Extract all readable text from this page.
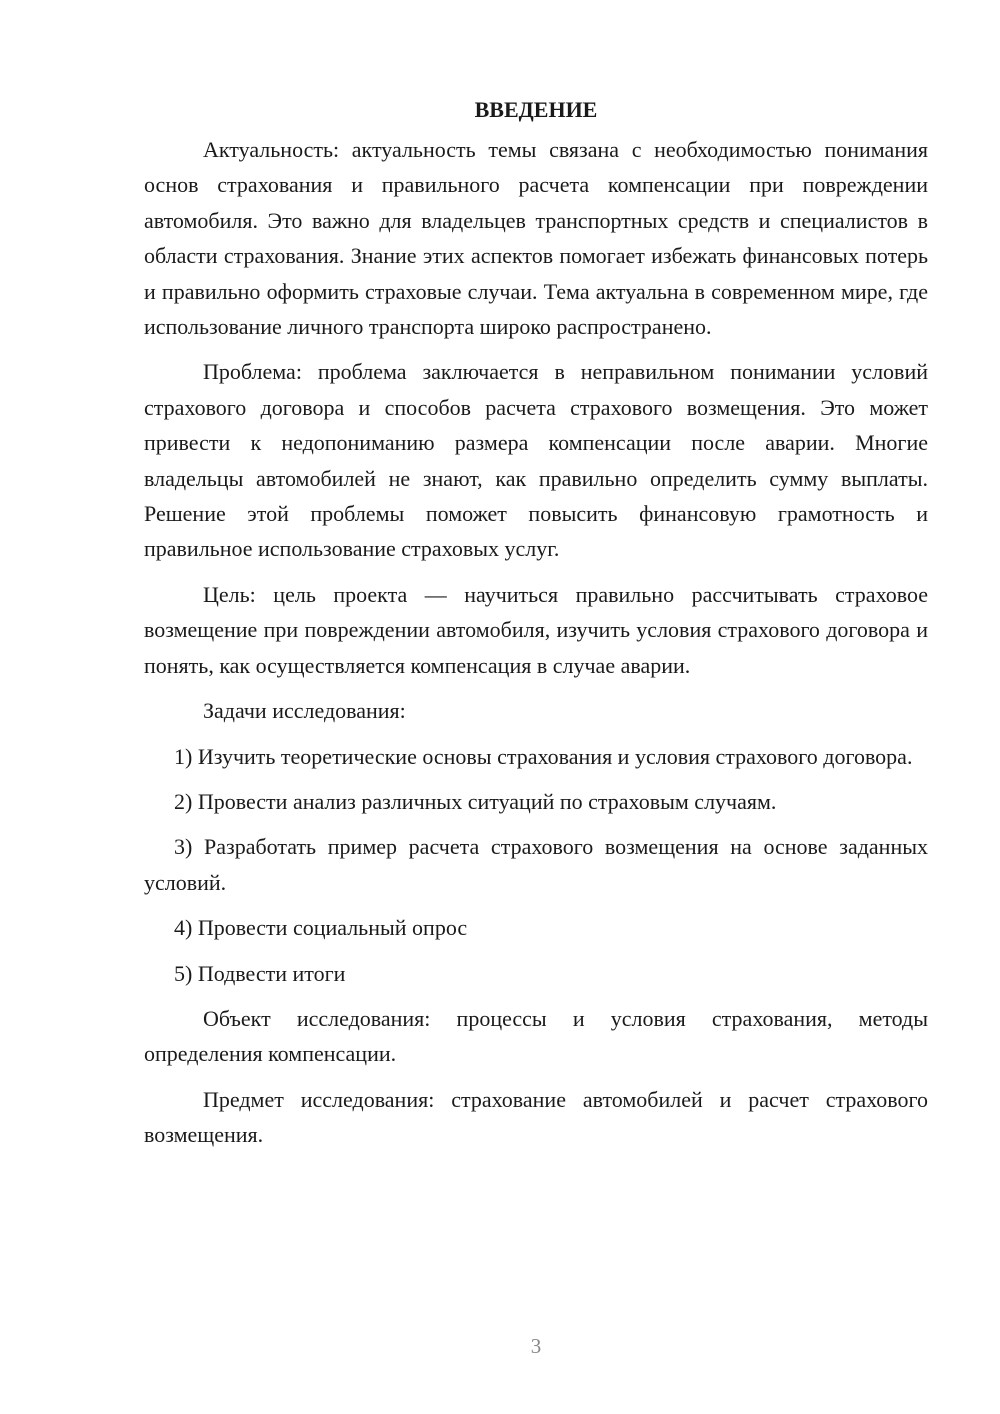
ВВЕДЕНИЕ

Актуальность: актуальность темы связана с необходимостью понимания основ страхования и правильного расчета компенсации при повреждении автомобиля. Это важно для владельцев транспортных средств и специалистов в области страхования. Знание этих аспектов помогает избежать финансовых потерь и правильно оформить страховые случаи. Тема актуальна в современном мире, где использование личного транспорта широко распространено.

Проблема: проблема заключается в неправильном понимании условий страхового договора и способов расчета страхового возмещения. Это может привести к недопониманию размера компенсации после аварии. Многие владельцы автомобилей не знают, как правильно определить сумму выплаты. Решение этой проблемы поможет повысить финансовую грамотность и правильное использование страховых услуг.

Цель: цель проекта — научиться правильно рассчитывать страховое возмещение при повреждении автомобиля, изучить условия страхового договора и понять, как осуществляется компенсация в случае аварии.

Задачи исследования:

1) Изучить теоретические основы страхования и условия страхового договора.

2) Провести анализ различных ситуаций по страховым случаям.

3) Разработать пример расчета страхового возмещения на основе заданных условий.

4) Провести социальный опрос

5) Подвести итоги

Объект исследования: процессы и условия страхования, методы определения компенсации.

Предмет исследования: страхование автомобилей и расчет страхового возмещения.

3
